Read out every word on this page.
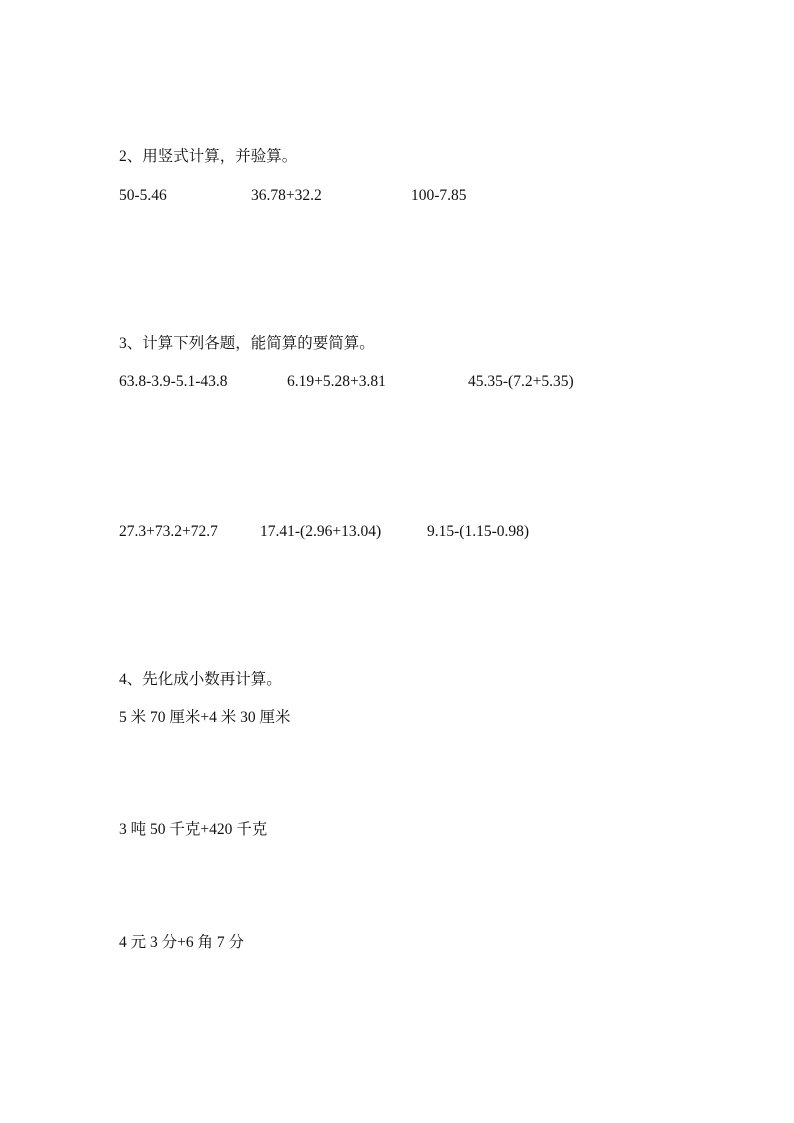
2、用竖式计算，并验算。
50-5.46	36.78+32.2	100-7.85
3、计算下列各题，能简算的要简算。
63.8-3.9-5.1-43.8	6.19+5.28+3.81	45.35-(7.2+5.35)
27.3+73.2+72.7	17.41-(2.96+13.04)	9.15-(1.15-0.98)
4、先化成小数再计算。
5 米 70 厘米+4 米 30 厘米
3 吨 50 千克+420 千克
4 元 3 分+6 角 7 分
